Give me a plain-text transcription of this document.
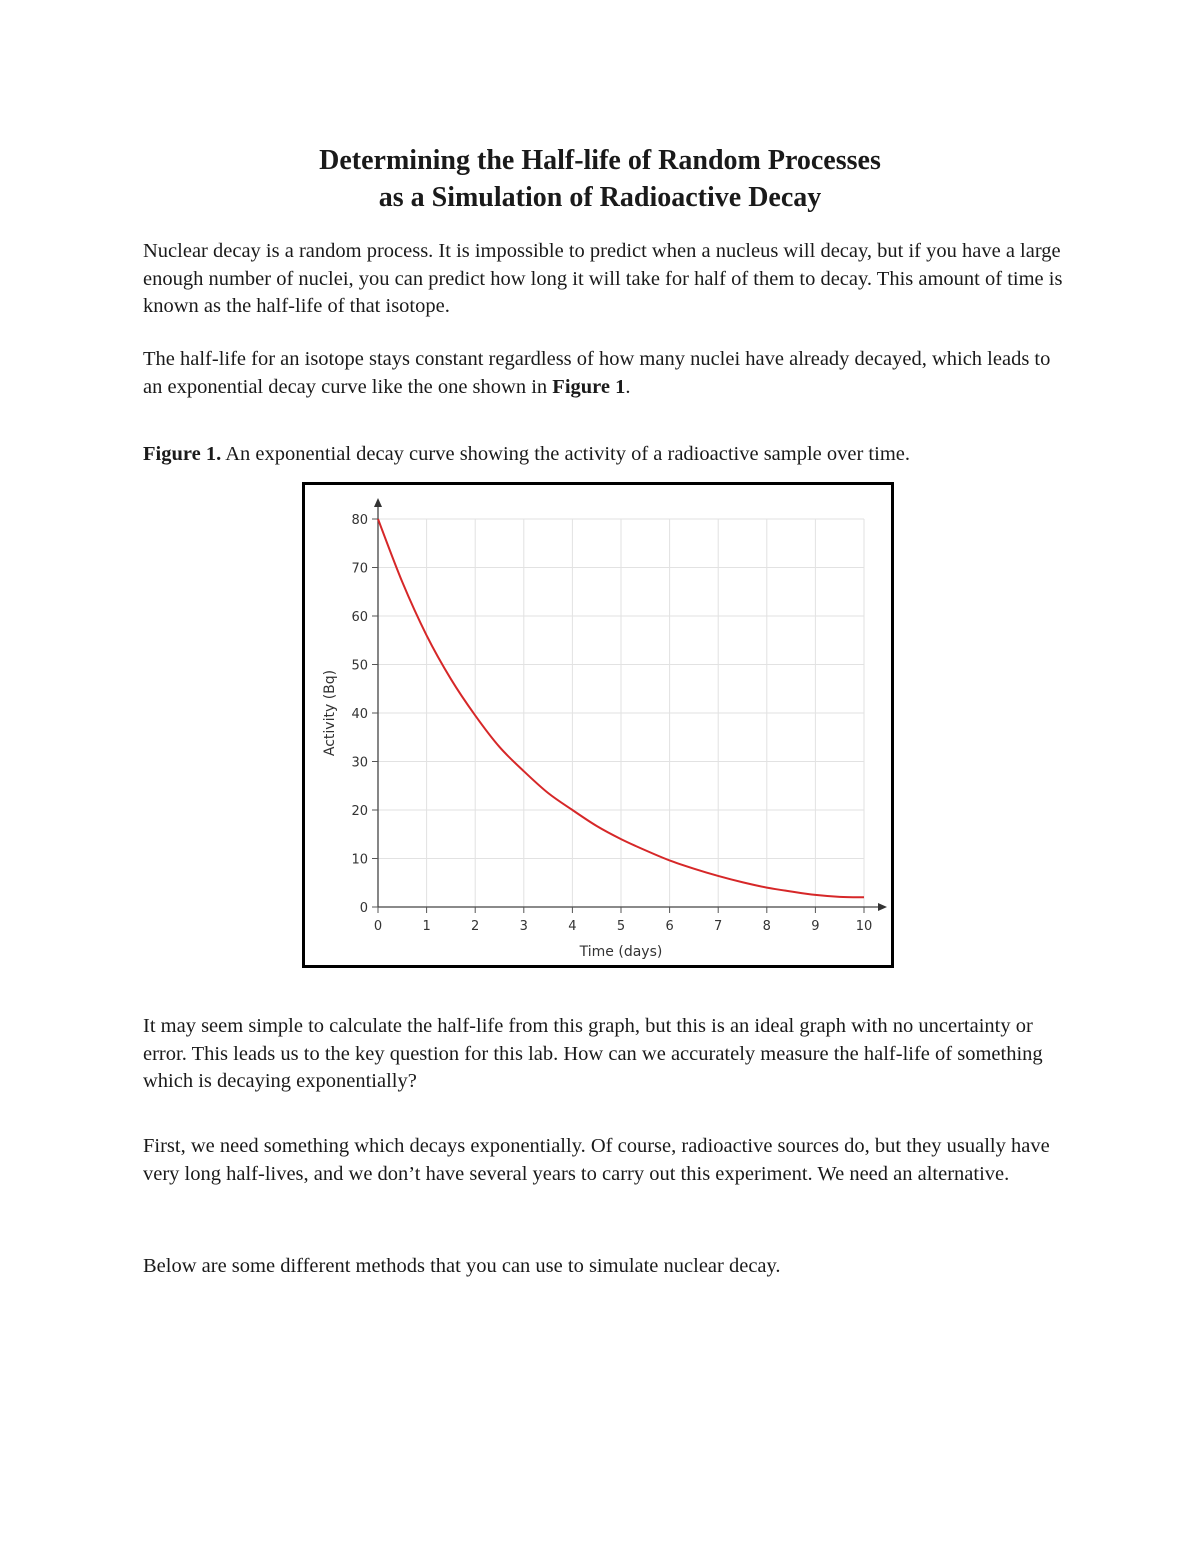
Determining the Half-life of Random Processes
as a Simulation of Radioactive Decay

Nuclear decay is a random process. It is impossible to predict when a nucleus will decay, but if you have a large enough number of nuclei, you can predict how long it will take for half of them to decay. This amount of time is known as the half-life of that isotope.

The half-life for an isotope stays constant regardless of how many nuclei have already decayed, which leads to an exponential decay curve like the one shown in Figure 1.

Figure 1. An exponential decay curve showing the activity of a radioactive sample over time.

0	1	2	3	4	5	6	7	8	9	10
0
10
20
30
40
50
60
70
80
Time (days)
Activity (Bq)

It may seem simple to calculate the half-life from this graph, but this is an ideal graph with no uncertainty or error. This leads us to the key question for this lab. How can we accurately measure the half-life of something which is decaying exponentially?

First, we need something which decays exponentially. Of course, radioactive sources do, but they usually have very long half-lives, and we don’t have several years to carry out this experiment. We need an alternative.

Below are some different methods that you can use to simulate nuclear decay.
